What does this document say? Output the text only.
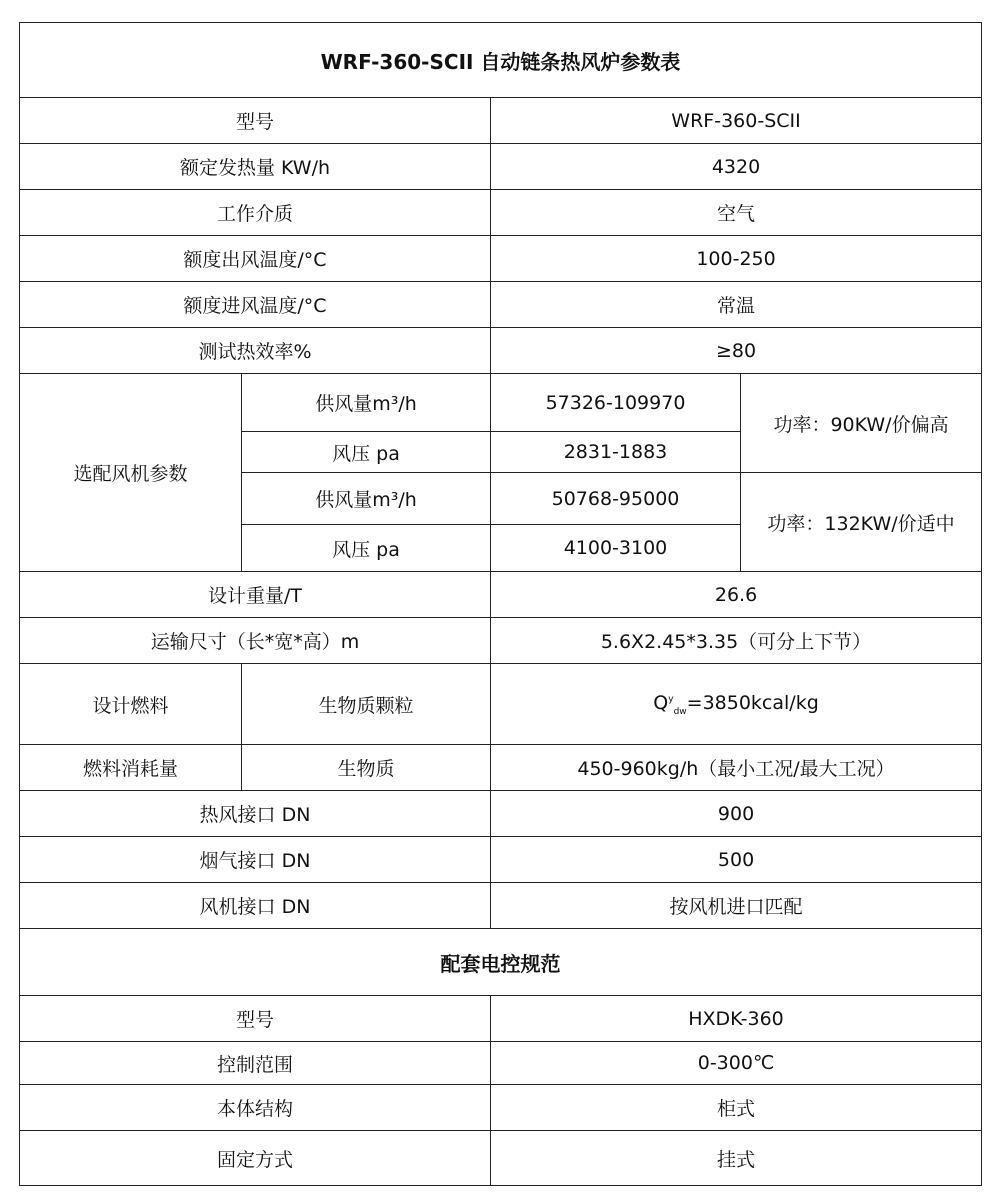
WRF-360-SCII 自动链条热风炉参数表			
型号		WRF-360-SCII	
额定发热量 KW/h		4320	
工作介质		空气	
额度出风温度/°C		100-250	
额度进风温度/°C		常温	
测试热效率%		≥80	
选配风机参数	供风量m³/h	57326-109970	功率：90KW/价偏高
	风压 pa	2831-1883	
	供风量m³/h	50768-95000	功率：132KW/价适中
	风压 pa	4100-3100	
设计重量/T		26.6	
运输尺寸（长*宽*高）m		5.6X2.45*3.35（可分上下节）	
设计燃料	生物质颗粒	$Q^y_{dw}=3850kcal/kg$	
燃料消耗量	生物质	450-960kg/h（最小工况/最大工况）	
热风接口 DN		900	
烟气接口 DN		500	
风机接口 DN		按风机进口匹配	
配套电控规范			
型号		HXDK-360	
控制范围		0-300℃	
本体结构		柜式	
固定方式		挂式	
